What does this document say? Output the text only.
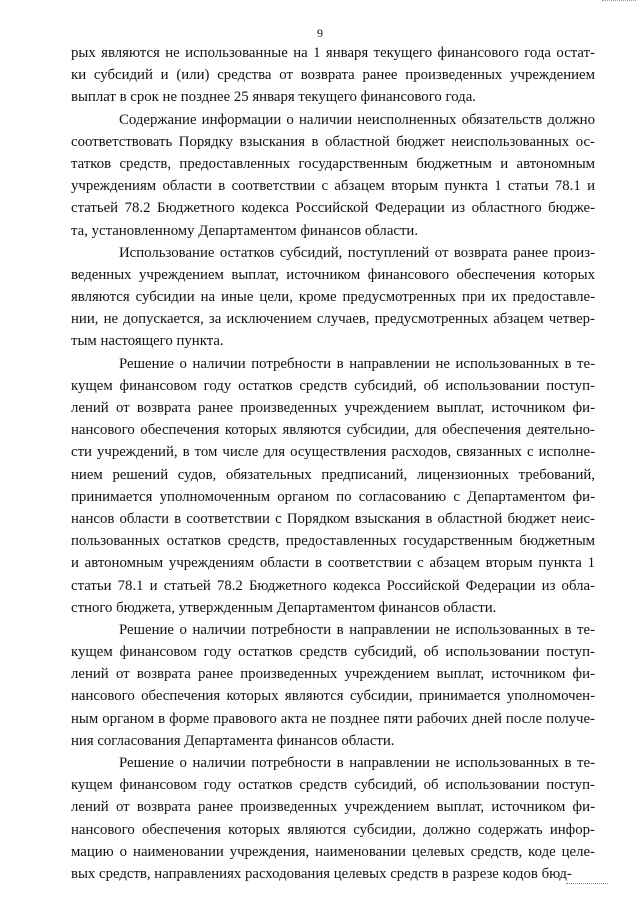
9
рых являются не использованные на 1 января текущего финансового года остат-
ки субсидий и (или) средства от возврата ранее произведенных учреждением
выплат в срок не позднее 25 января текущего финансового года.
Содержание информации о наличии неисполненных обязательств должно
соответствовать Порядку взыскания в областной бюджет неиспользованных ос-
татков средств, предоставленных государственным бюджетным и автономным
учреждениям области в соответствии с абзацем вторым пункта 1 статьи 78.1 и
статьей 78.2 Бюджетного кодекса Российской Федерации из областного бюдже-
та, установленному Департаментом финансов области.
Использование остатков субсидий, поступлений от возврата ранее произ-
веденных учреждением выплат, источником финансового обеспечения которых
являются субсидии на иные цели, кроме предусмотренных при их предоставле-
нии, не допускается, за исключением случаев, предусмотренных абзацем четвер-
тым настоящего пункта.
Решение о наличии потребности в направлении не использованных в те-
кущем финансовом году остатков средств субсидий, об использовании поступ-
лений от возврата ранее произведенных учреждением выплат, источником фи-
нансового обеспечения которых являются субсидии, для обеспечения деятельно-
сти учреждений, в том числе для осуществления расходов, связанных с исполне-
нием решений судов, обязательных предписаний, лицензионных требований,
принимается уполномоченным органом по согласованию с Департаментом фи-
нансов области в соответствии с Порядком взыскания в областной бюджет неис-
пользованных остатков средств, предоставленных государственным бюджетным
и автономным учреждениям области в соответствии с абзацем вторым пункта 1
статьи 78.1 и статьей 78.2 Бюджетного кодекса Российской Федерации из обла-
стного бюджета, утвержденным Департаментом финансов области.
Решение о наличии потребности в направлении не использованных в те-
кущем финансовом году остатков средств субсидий, об использовании поступ-
лений от возврата ранее произведенных учреждением выплат, источником фи-
нансового обеспечения которых являются субсидии, принимается уполномочен-
ным органом в форме правового акта не позднее пяти рабочих дней после получе-
ния согласования Департамента финансов области.
Решение о наличии потребности в направлении не использованных в те-
кущем финансовом году остатков средств субсидий, об использовании поступ-
лений от возврата ранее произведенных учреждением выплат, источником фи-
нансового обеспечения которых являются субсидии, должно содержать инфор-
мацию о наименовании учреждения, наименовании целевых средств, коде целе-
вых средств, направлениях расходования целевых средств в разрезе кодов бюд-
